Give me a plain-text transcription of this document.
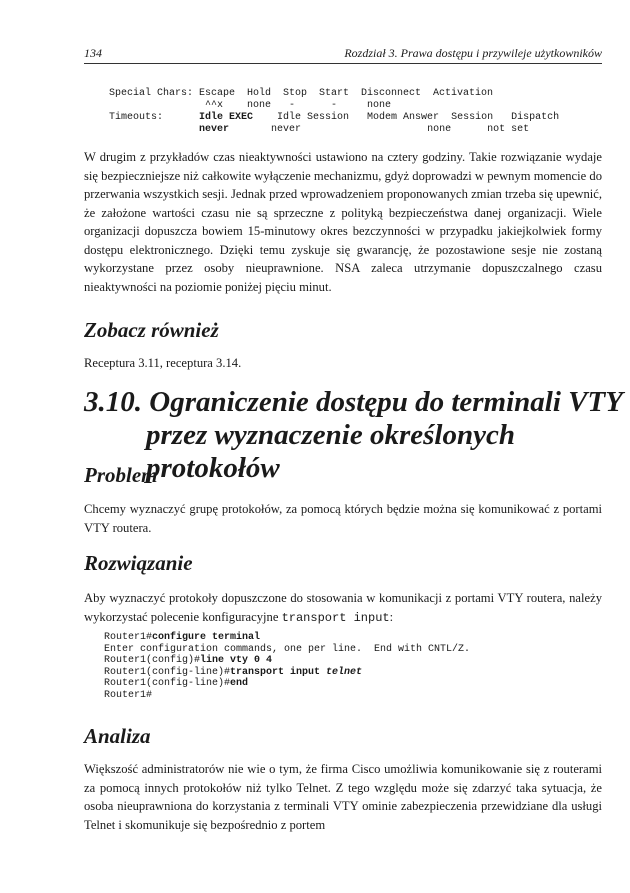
134	Rozdział 3. Prawa dostępu i przywileje użytkowników
Special Chars: Escape  Hold  Stop  Start  Disconnect  Activation
^^x    none   -      -     none
Timeouts:      Idle EXEC    Idle Session   Modem Answer  Session   Dispatch
never       never                     none      not set
W drugim z przykładów czas nieaktywności ustawiono na cztery godziny. Takie rozwiązanie wydaje się bezpieczniejsze niż całkowite wyłączenie mechanizmu, gdyż doprowadzi w pewnym momencie do przerwania wszystkich sesji. Jednak przed wprowadzeniem proponowanych zmian trzeba się upewnić, że założone wartości czasu nie są sprzeczne z polityką bezpieczeństwa danej organizacji. Wiele organizacji dopuszcza bowiem 15-minutowy okres bezczynności w przypadku jakiejkolwiek formy dostępu elektronicznego. Dzięki temu zyskuje się gwarancję, że pozostawione sesje nie zostaną wykorzystane przez osoby nieuprawnione. NSA zaleca utrzymanie dopuszczalnego czasu nieaktywności na poziomie poniżej pięciu minut.
Zobacz również
Receptura 3.11, receptura 3.14.
3.10. Ograniczenie dostępu do terminali VTY
przez wyznaczenie określonych protokołów
Problem
Chcemy wyznaczyć grupę protokołów, za pomocą których będzie można się komunikować z portami VTY routera.
Rozwiązanie
Aby wyznaczyć protokoły dopuszczone do stosowania w komunikacji z portami VTY routera, należy wykorzystać polecenie konfiguracyjne transport input:
Router1#configure terminal
Enter configuration commands, one per line.  End with CNTL/Z.
Router1(config)#line vty 0 4
Router1(config-line)#transport input telnet
Router1(config-line)#end
Router1#
Analiza
Większość administratorów nie wie o tym, że firma Cisco umożliwia komunikowanie się z routerami za pomocą innych protokołów niż tylko Telnet. Z tego względu może się zdarzyć taka sytuacja, że osoba nieuprawniona do korzystania z terminali VTY ominie zabezpieczenia przewidziane dla usługi Telnet i skomunikuje się bezpośrednio z portem
